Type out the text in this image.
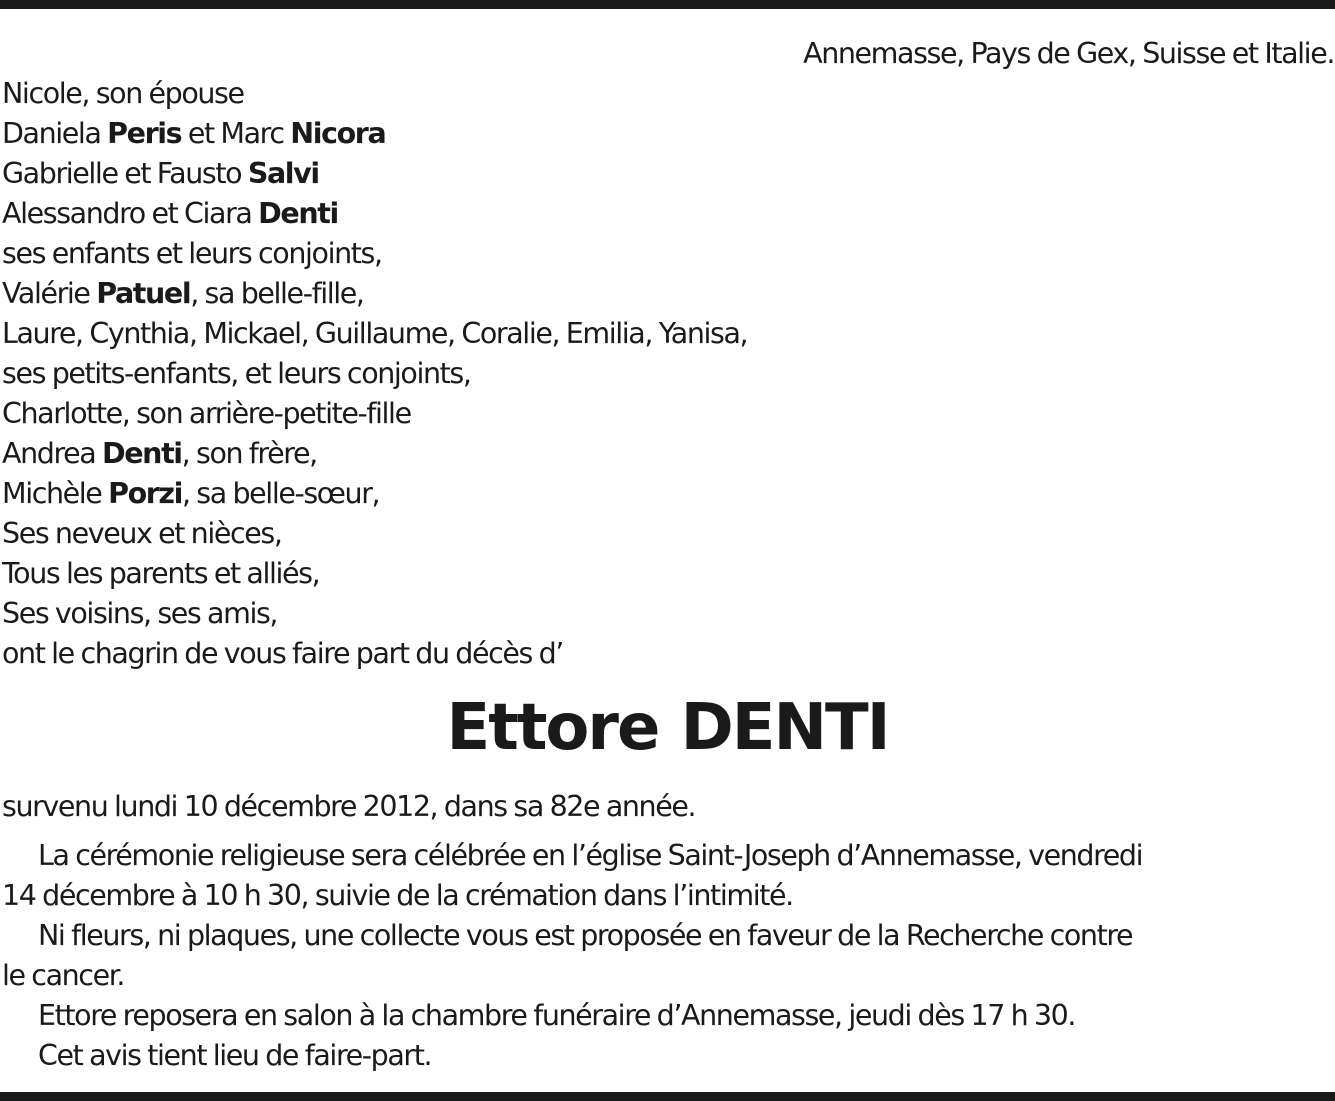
Annemasse, Pays de Gex, Suisse et Italie.
Nicole, son épouse
Daniela Peris et Marc Nicora
Gabrielle et Fausto Salvi
Alessandro et Ciara Denti
ses enfants et leurs conjoints,
Valérie Patuel, sa belle-fille,
Laure, Cynthia, Mickael, Guillaume, Coralie, Emilia, Yanisa,
ses petits-enfants, et leurs conjoints,
Charlotte, son arrière-petite-fille
Andrea Denti, son frère,
Michèle Porzi, sa belle-sœur,
Ses neveux et nièces,
Tous les parents et alliés,
Ses voisins, ses amis,
ont le chagrin de vous faire part du décès d’
Ettore DENTI
survenu lundi 10 décembre 2012, dans sa 82e année.
La cérémonie religieuse sera célébrée en l’église Saint-Joseph d’Annemasse, vendredi
14 décembre à 10 h 30, suivie de la crémation dans l’intimité.
Ni fleurs, ni plaques, une collecte vous est proposée en faveur de la Recherche contre
le cancer.
Ettore reposera en salon à la chambre funéraire d’Annemasse, jeudi dès 17 h 30.
Cet avis tient lieu de faire-part.
